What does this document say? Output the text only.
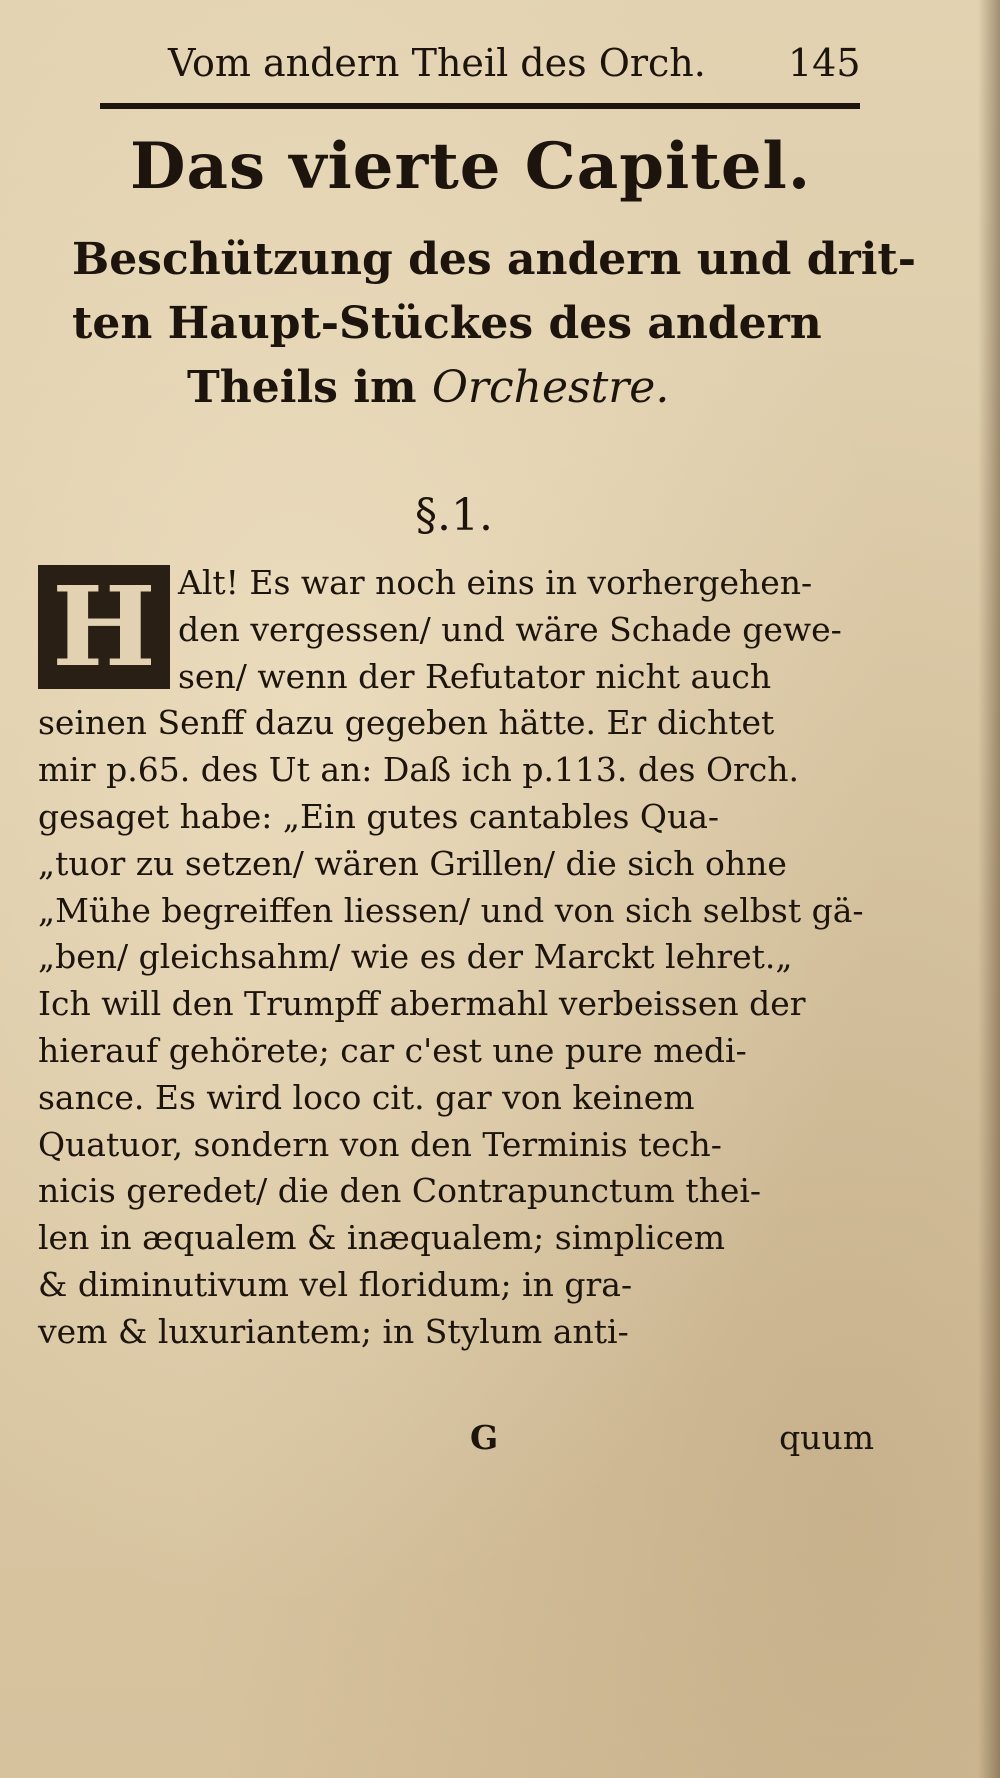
Vom andern Theil des Orch. 145
Das vierte Capitel.
Beschützung des andern und drit-
ten Haupt-Stückes des andern
Theils im Orchestre.
§.1.
H Alt! Es war noch eins in vorhergehen-
den vergessen/ und wäre Schade gewe-
sen/ wenn der Refutator nicht auch
seinen Senff dazu gegeben hätte. Er dichtet
mir p.65. des Ut an: Daß ich p.113. des Orch.
gesaget habe: „Ein gutes cantables Qua-
„tuor zu setzen/ wären Grillen/ die sich ohne
„Mühe begreiffen liessen/ und von sich selbst gä-
„ben/ gleichsahm/ wie es der Marckt lehret.„
Ich will den Trumpff abermahl verbeissen der
hierauf gehörete; car c'est une pure medi-
sance. Es wird loco cit. gar von keinem
Quatuor, sondern von den Terminis tech-
nicis geredet/ die den Contrapunctum thei-
len in æqualem & inæqualem; simplicem
& diminutivum vel floridum; in gra-
vem & luxuriantem; in Stylum anti-
G	quum
